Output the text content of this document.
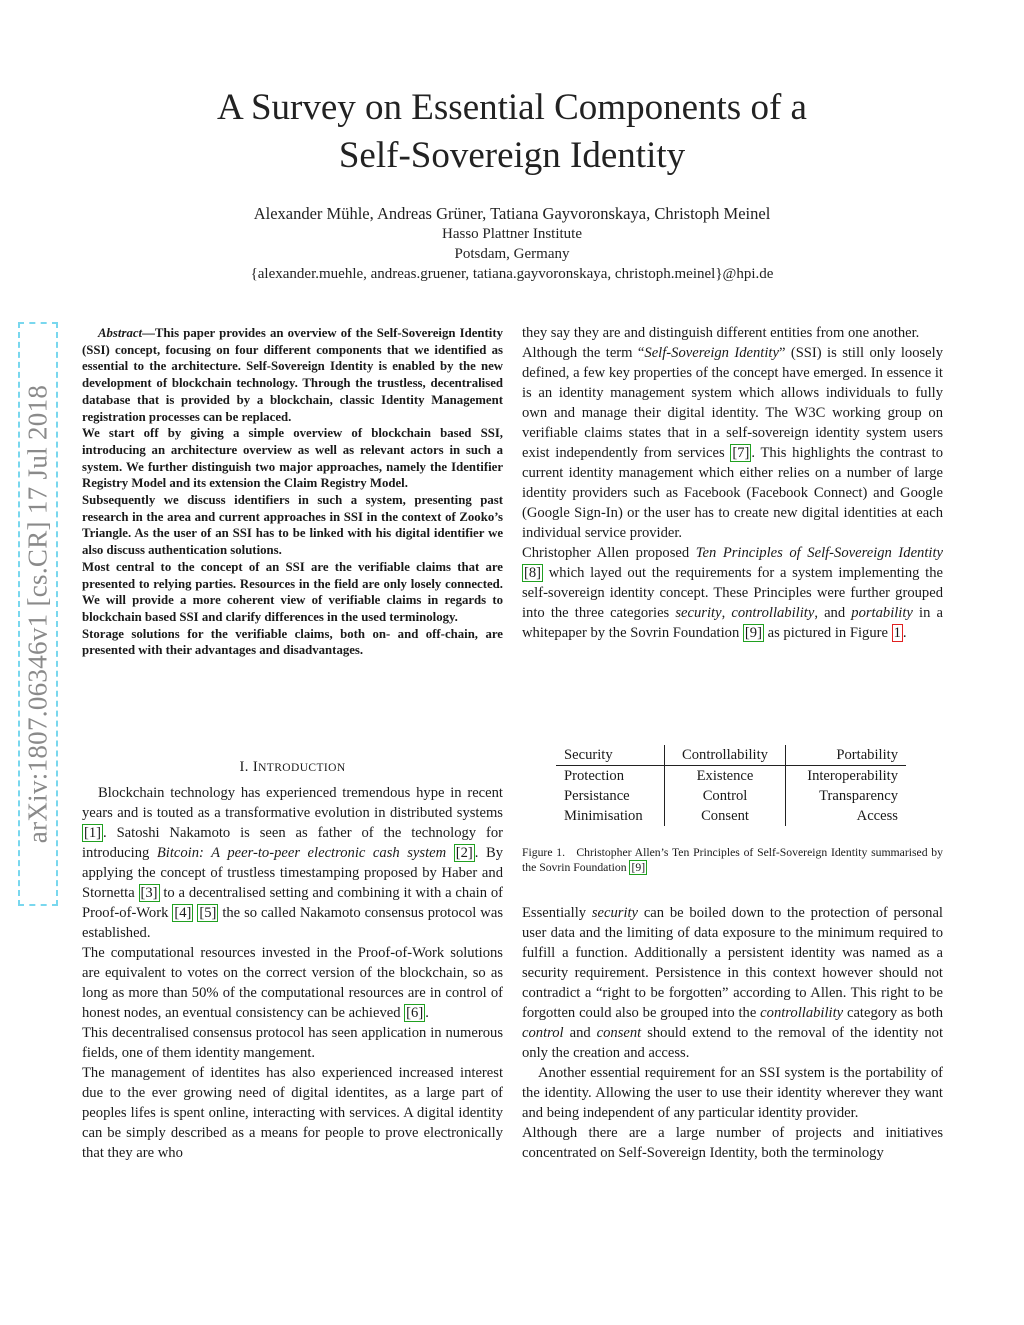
A Survey on Essential Components of a
Self-Sovereign Identity
Alexander Mühle, Andreas Grüner, Tatiana Gayvoronskaya, Christoph Meinel
Hasso Plattner Institute
Potsdam, Germany
{alexander.muehle, andreas.gruener, tatiana.gayvoronskaya, christoph.meinel}@hpi.de
arXiv:1807.06346v1 [cs.CR] 17 Jul 2018

Abstract—This paper provides an overview of the Self-Sovereign Identity (SSI) concept, focusing on four different components that we identified as essential to the architecture. Self-Sovereign Identity is enabled by the new development of blockchain technology. Through the trustless, decentralised database that is provided by a blockchain, classic Identity Management registration processes can be replaced.

We start off by giving a simple overview of blockchain based SSI, introducing an architecture overview as well as relevant actors in such a system. We further distinguish two major approaches, namely the Identifier Registry Model and its extension the Claim Registry Model.

Subsequently we discuss identifiers in such a system, presenting past research in the area and current approaches in SSI in the context of Zooko’s Triangle. As the user of an SSI has to be linked with his digital identifier we also discuss authentication solutions.

Most central to the concept of an SSI are the verifiable claims that are presented to relying parties. Resources in the field are only losely connected. We will provide a more coherent view of verifiable claims in regards to blockchain based SSI and clarify differences in the used terminology.

Storage solutions for the verifiable claims, both on- and off-chain, are presented with their advantages and disadvantages.

I. INTRODUCTION

Blockchain technology has experienced tremendous hype in recent years and is touted as a transformative evolution in distributed systems [1] . Satoshi Nakamoto is seen as father of the technology for introducing Bitcoin: A peer-to-peer electronic cash system [2] . By applying the concept of trustless timestamping proposed by Haber and Stornetta [3] to a decentralised setting and combining it with a chain of Proof-of-Work [4] [5] the so called Nakamoto consensus protocol was established.

The computational resources invested in the Proof-of-Work solutions are equivalent to votes on the correct version of the blockchain, so as long as more than 50% of the computational resources are in control of honest nodes, an eventual consistency can be achieved [6] .

This decentralised consensus protocol has seen application in numerous fields, one of them identity mangement.

The management of identites has also experienced increased interest due to the ever growing need of digital identites, as a large part of peoples lifes is spent online, interacting with services. A digital identity can be simply described as a means for people to prove electronically that they are who

they say they are and distinguish different entities from one another.

Although the term “Self-Sovereign Identity” (SSI) is still only loosely defined, a few key properties of the concept have emerged. In essence it is an identity management system which allows individuals to fully own and manage their digital identity. The W3C working group on verifiable claims states that in a self-sovereign identity system users exist independently from services [7] . This highlights the contrast to current identity management which either relies on a number of large identity providers such as Facebook (Facebook Connect) and Google (Google Sign-In) or the user has to create new digital identities at each individual service provider.

Christopher Allen proposed Ten Principles of Self-Sovereign Identity [8] which layed out the requirements for a system implementing the self-sovereign identity concept. These Principles were further grouped into the three categories security, controllability, and portability in a whitepaper by the Sovrin Foundation [9] as pictured in Figure 1 .

Security	Controllability	Portability
Protection	Existence	Interoperability
Persistance	Control	Transparency
Minimisation	Consent	Access
Figure 1. Christopher Allen’s Ten Principles of Self-Sovereign Identity summarised by the Sovrin Foundation [9]

Essentially security can be boiled down to the protection of personal user data and the limiting of data exposure to the minimum required to fulfill a function. Additionally a persistent identity was named as a security requirement. Persistence in this context however should not contradict a “right to be forgotten” according to Allen. This right to be forgotten could also be grouped into the controllability category as both control and consent should extend to the removal of the identity not only the creation and access.

Another essential requirement for an SSI system is the portability of the identity. Allowing the user to use their identity wherever they want and being independent of any particular identity provider.

Although there are a large number of projects and initiatives concentrated on Self-Sovereign Identity, both the terminology
